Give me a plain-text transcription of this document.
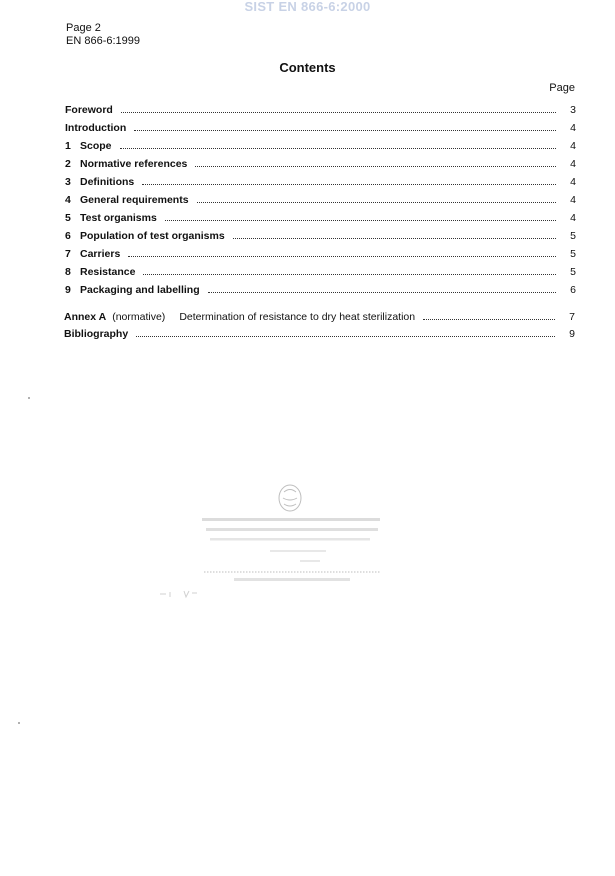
SIST EN 866-6:2000
Page 2
EN 866-6:1999
Contents
Page
Foreword	3
Introduction	4
1 Scope	4
2 Normative references	4
3 Definitions	4
4 General requirements	4
5 Test organisms	4
6 Population of test organisms	5
7 Carriers	5
8 Resistance	5
9 Packaging and labelling	6
Annex A (normative) Determination of resistance to dry heat sterilization	7
Bibliography	9
